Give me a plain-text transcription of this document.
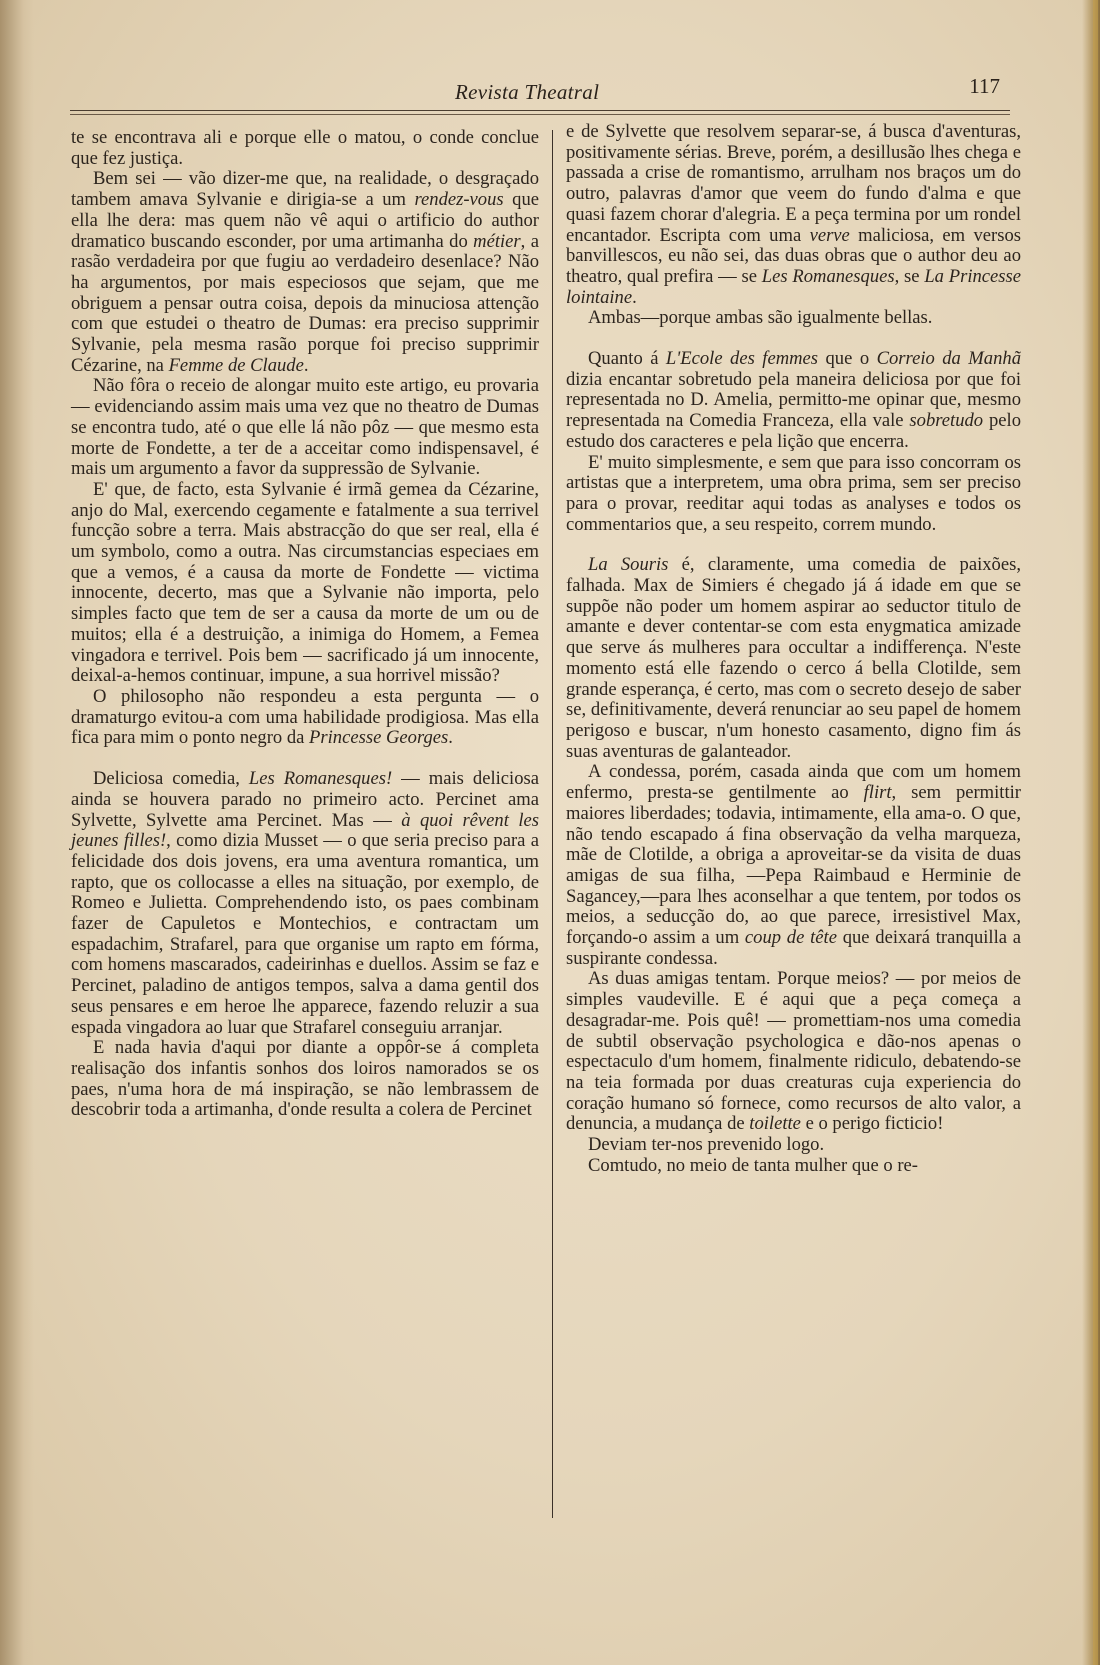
Revista Theatral	117

te se encontrava ali e porque elle o matou, o conde conclue que fez justiça.

Bem sei — vão dizer-me que, na realidade, o desgraçado tambem amava Sylvanie e dirigia-se a um rendez-vous que ella lhe dera: mas quem não vê aqui o artificio do author dramatico buscando esconder, por uma artimanha do métier, a rasão verdadeira por que fugiu ao verdadeiro desenlace? Não ha argumentos, por mais especiosos que sejam, que me obriguem a pensar outra coisa, depois da minuciosa attenção com que estudei o theatro de Dumas: era preciso supprimir Sylvanie, pela mesma rasão porque foi preciso supprimir Cézarine, na Femme de Claude.

Não fôra o receio de alongar muito este artigo, eu provaria — evidenciando assim mais uma vez que no theatro de Dumas se encontra tudo, até o que elle lá não pôz — que mesmo esta morte de Fondette, a ter de a acceitar como indispensavel, é mais um argumento a favor da suppressão de Sylvanie.

E' que, de facto, esta Sylvanie é irmã gemea da Cézarine, anjo do Mal, exercendo cegamente e fatalmente a sua terrivel funcção sobre a terra. Mais abstracção do que ser real, ella é um symbolo, como a outra. Nas circumstancias especiaes em que a vemos, é a causa da morte de Fondette — victima innocente, decerto, mas que a Sylvanie não importa, pelo simples facto que tem de ser a causa da morte de um ou de muitos; ella é a destruição, a inimiga do Homem, a Femea vingadora e terrivel. Pois bem — sacrificado já um innocente, deixal-a-hemos continuar, impune, a sua horrivel missão?

O philosopho não respondeu a esta pergunta — o dramaturgo evitou-a com uma habilidade prodigiosa. Mas ella fica para mim o ponto negro da Princesse Georges.

Deliciosa comedia, Les Romanesques! — mais deliciosa ainda se houvera parado no primeiro acto. Percinet ama Sylvette, Sylvette ama Percinet. Mas — à quoi rêvent les jeunes filles!, como dizia Musset — o que seria preciso para a felicidade dos dois jovens, era uma aventura romantica, um rapto, que os collocasse a elles na situação, por exemplo, de Romeo e Julietta. Comprehendendo isto, os paes combinam fazer de Capuletos e Montechios, e contractam um espadachim, Strafarel, para que organise um rapto em fórma, com homens mascarados, cadeirinhas e duellos. Assim se faz e Percinet, paladino de antigos tempos, salva a dama gentil dos seus pensares e em heroe lhe apparece, fazendo reluzir a sua espada vingadora ao luar que Strafarel conseguiu arranjar.

E nada havia d'aqui por diante a oppôr-se á completa realisação dos infantis sonhos dos loiros namorados se os paes, n'uma hora de má inspiração, se não lembrassem de descobrir toda a artimanha, d'onde resulta a colera de Percinet

e de Sylvette que resolvem separar-se, á busca d'aventuras, positivamente sérias. Breve, porém, a desillusão lhes chega e passada a crise de romantismo, arrulham nos braços um do outro, palavras d'amor que veem do fundo d'alma e que quasi fazem chorar d'alegria. E a peça termina por um rondel encantador. Escripta com uma verve maliciosa, em versos banvillescos, eu não sei, das duas obras que o author deu ao theatro, qual prefira — se Les Romanesques, se La Princesse lointaine.

Ambas—porque ambas são igualmente bellas.

Quanto á L'Ecole des femmes que o Correio da Manhã dizia encantar sobretudo pela maneira deliciosa por que foi representada no D. Amelia, permitto-me opinar que, mesmo representada na Comedia Franceza, ella vale sobretudo pelo estudo dos caracteres e pela lição que encerra.

E' muito simplesmente, e sem que para isso concorram os artistas que a interpretem, uma obra prima, sem ser preciso para o provar, reeditar aqui todas as analyses e todos os commentarios que, a seu respeito, correm mundo.

La Souris é, claramente, uma comedia de paixões, falhada. Max de Simiers é chegado já á idade em que se suppõe não poder um homem aspirar ao seductor titulo de amante e dever contentar-se com esta enygmatica amizade que serve ás mulheres para occultar a indifferença. N'este momento está elle fazendo o cerco á bella Clotilde, sem grande esperança, é certo, mas com o secreto desejo de saber se, definitivamente, deverá renunciar ao seu papel de homem perigoso e buscar, n'um honesto casamento, digno fim ás suas aventuras de galanteador.

A condessa, porém, casada ainda que com um homem enfermo, presta-se gentilmente ao flirt, sem permittir maiores liberdades; todavia, intimamente, ella ama-o. O que, não tendo escapado á fina observação da velha marqueza, mãe de Clotilde, a obriga a aproveitar-se da visita de duas amigas de sua filha, —Pepa Raimbaud e Herminie de Sagancey,—para lhes aconselhar a que tentem, por todos os meios, a seducção do, ao que parece, irresistivel Max, forçando-o assim a um coup de tête que deixará tranquilla a suspirante condessa.

As duas amigas tentam. Porque meios? — por meios de simples vaudeville. E é aqui que a peça começa a desagradar-me. Pois quê! — promettiam-nos uma comedia de subtil observação psychologica e dão-nos apenas o espectaculo d'um homem, finalmente ridiculo, debatendo-se na teia formada por duas creaturas cuja experiencia do coração humano só fornece, como recursos de alto valor, a denuncia, a mudança de toilette e o perigo ficticio!

Deviam ter-nos prevenido logo.

Comtudo, no meio de tanta mulher que o re-
